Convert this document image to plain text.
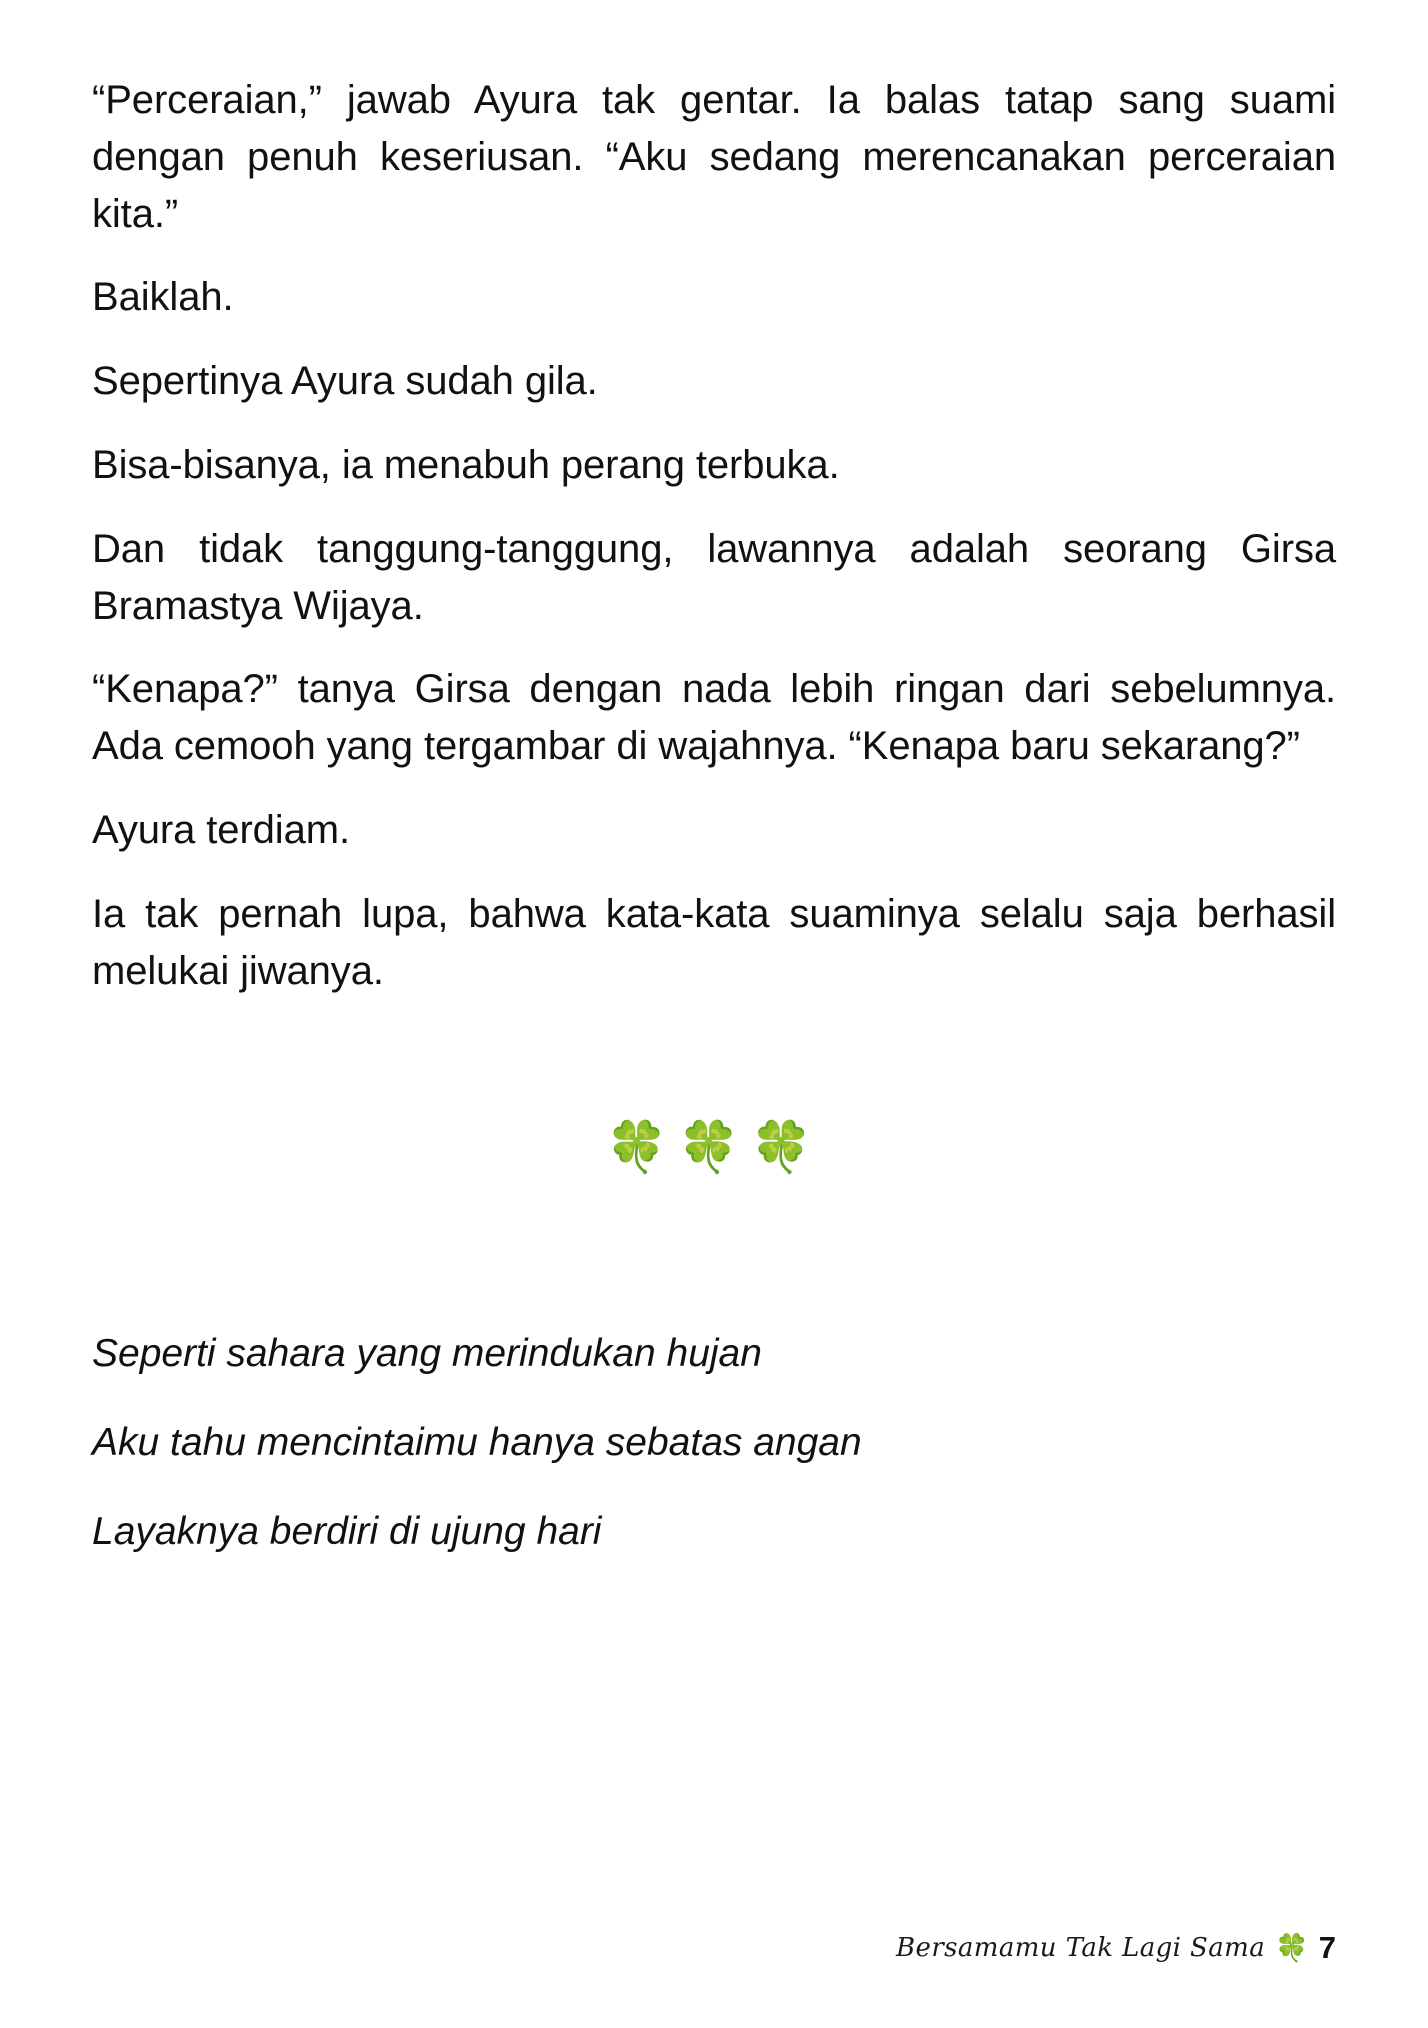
“Perceraian,” jawab Ayura tak gentar. Ia balas tatap sang suami dengan penuh keseriusan. “Aku sedang merencanakan perceraian kita.”

Baiklah.

Sepertinya Ayura sudah gila.

Bisa-bisanya, ia menabuh perang terbuka.

Dan tidak tanggung-tanggung, lawannya adalah seorang Girsa Bramastya Wijaya.

“Kenapa?” tanya Girsa dengan nada lebih ringan dari sebelumnya. Ada cemooh yang tergambar di wajahnya. “Kenapa baru sekarang?”

Ayura terdiam.

Ia tak pernah lupa, bahwa kata-kata suaminya selalu saja berhasil melukai jiwanya.

🍀🍀🍀

Seperti sahara yang merindukan hujan

Aku tahu mencintaimu hanya sebatas angan

Layaknya berdiri di ujung hari

Bersamamu Tak Lagi Sama 🍀 7
